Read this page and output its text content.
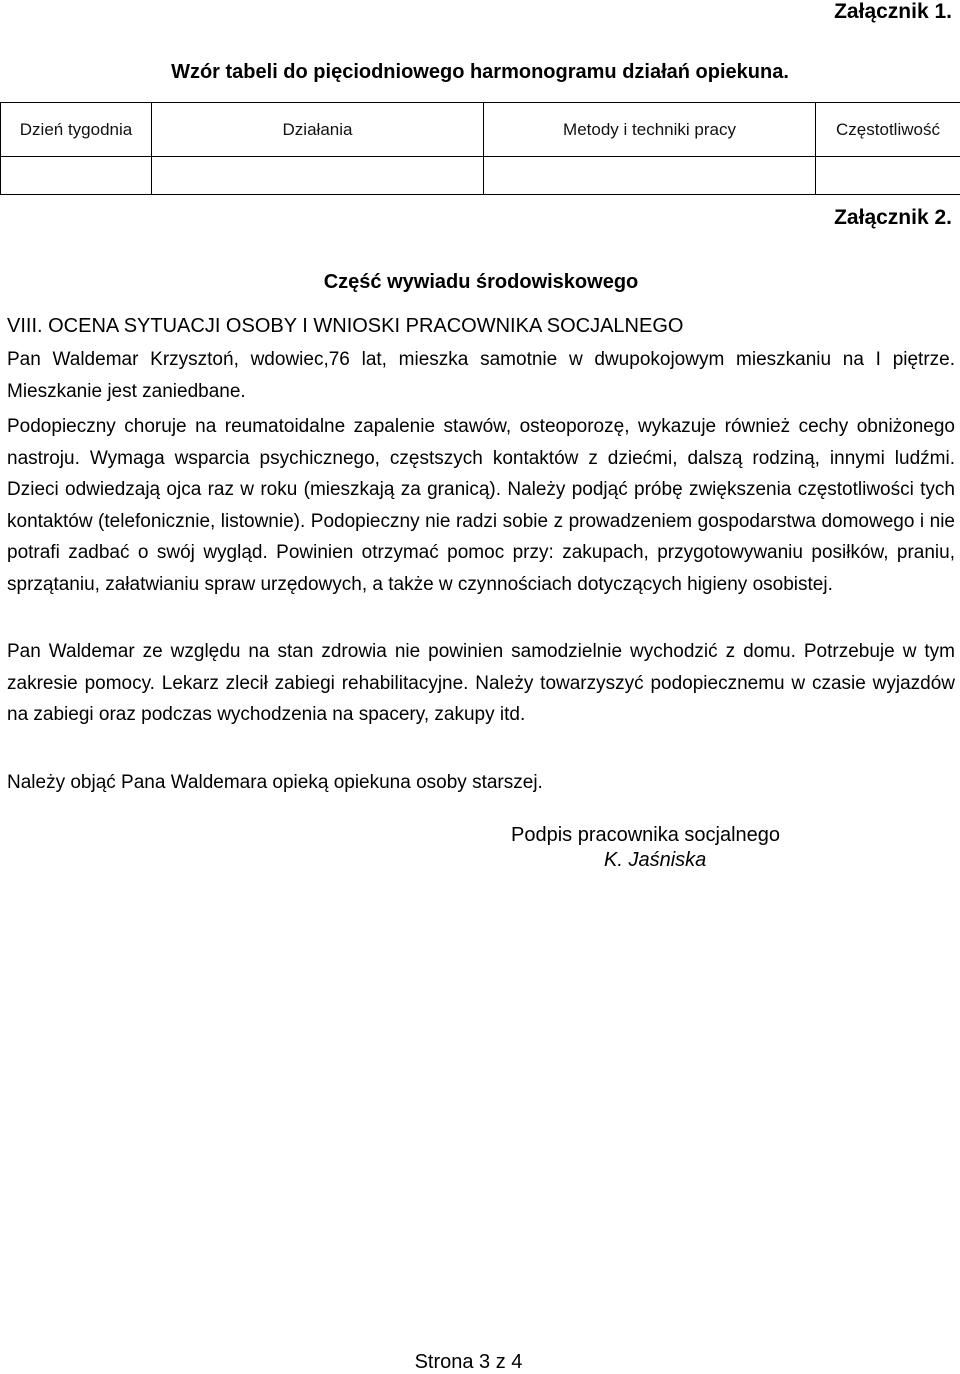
Załącznik 1.
Wzór tabeli do pięciodniowego harmonogramu działań opiekuna.
Dzień tygodnia	Działania	Metody i techniki pracy	Częstotliwość

Załącznik 2.
Część wywiadu środowiskowego
VIII. OCENA SYTUACJI OSOBY I WNIOSKI PRACOWNIKA SOCJALNEGO
Pan Waldemar Krzysztoń, wdowiec,76 lat, mieszka samotnie w dwupokojowym mieszkaniu na I piętrze. Mieszkanie jest zaniedbane.
Podopieczny choruje na reumatoidalne zapalenie stawów, osteoporozę, wykazuje również cechy obniżonego nastroju. Wymaga wsparcia psychicznego, częstszych kontaktów z dziećmi, dalszą rodziną, innymi ludźmi. Dzieci odwiedzają ojca raz w roku (mieszkają za granicą). Należy podjąć próbę zwiększenia częstotliwości tych kontaktów (telefonicznie, listownie). Podopieczny nie radzi sobie z prowadzeniem gospodarstwa domowego i nie potrafi zadbać o swój wygląd. Powinien otrzymać pomoc przy: zakupach, przygotowywaniu posiłków, praniu, sprzątaniu, załatwianiu spraw urzędowych, a także w czynnościach dotyczących higieny osobistej.
Pan Waldemar ze względu na stan zdrowia nie powinien samodzielnie wychodzić z domu. Potrzebuje w tym zakresie pomocy. Lekarz zlecił zabiegi rehabilitacyjne. Należy towarzyszyć podopiecznemu w czasie wyjazdów na zabiegi oraz podczas wychodzenia na spacery, zakupy itd.
Należy objąć Pana Waldemara opieką opiekuna osoby starszej.
Podpis pracownika socjalnego
K. Jaśniska
Strona 3 z 4
